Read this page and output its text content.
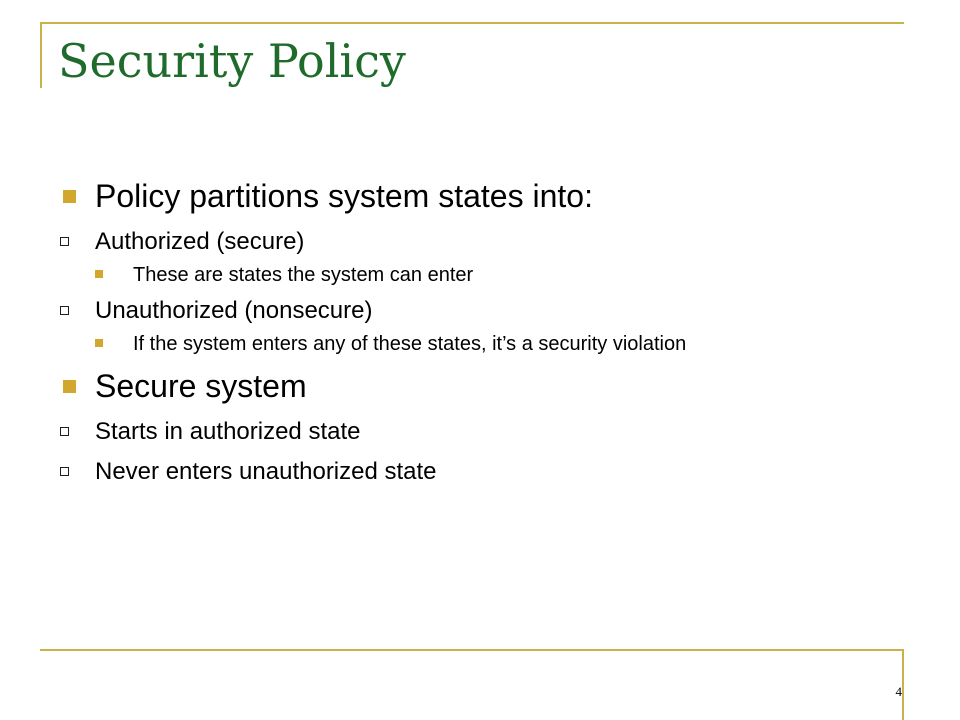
Security Policy
Policy partitions system states into:
Authorized (secure)
These are states the system can enter
Unauthorized (nonsecure)
If the system enters any of these states, it’s a security violation
Secure system
Starts in authorized state
Never enters unauthorized state
4
